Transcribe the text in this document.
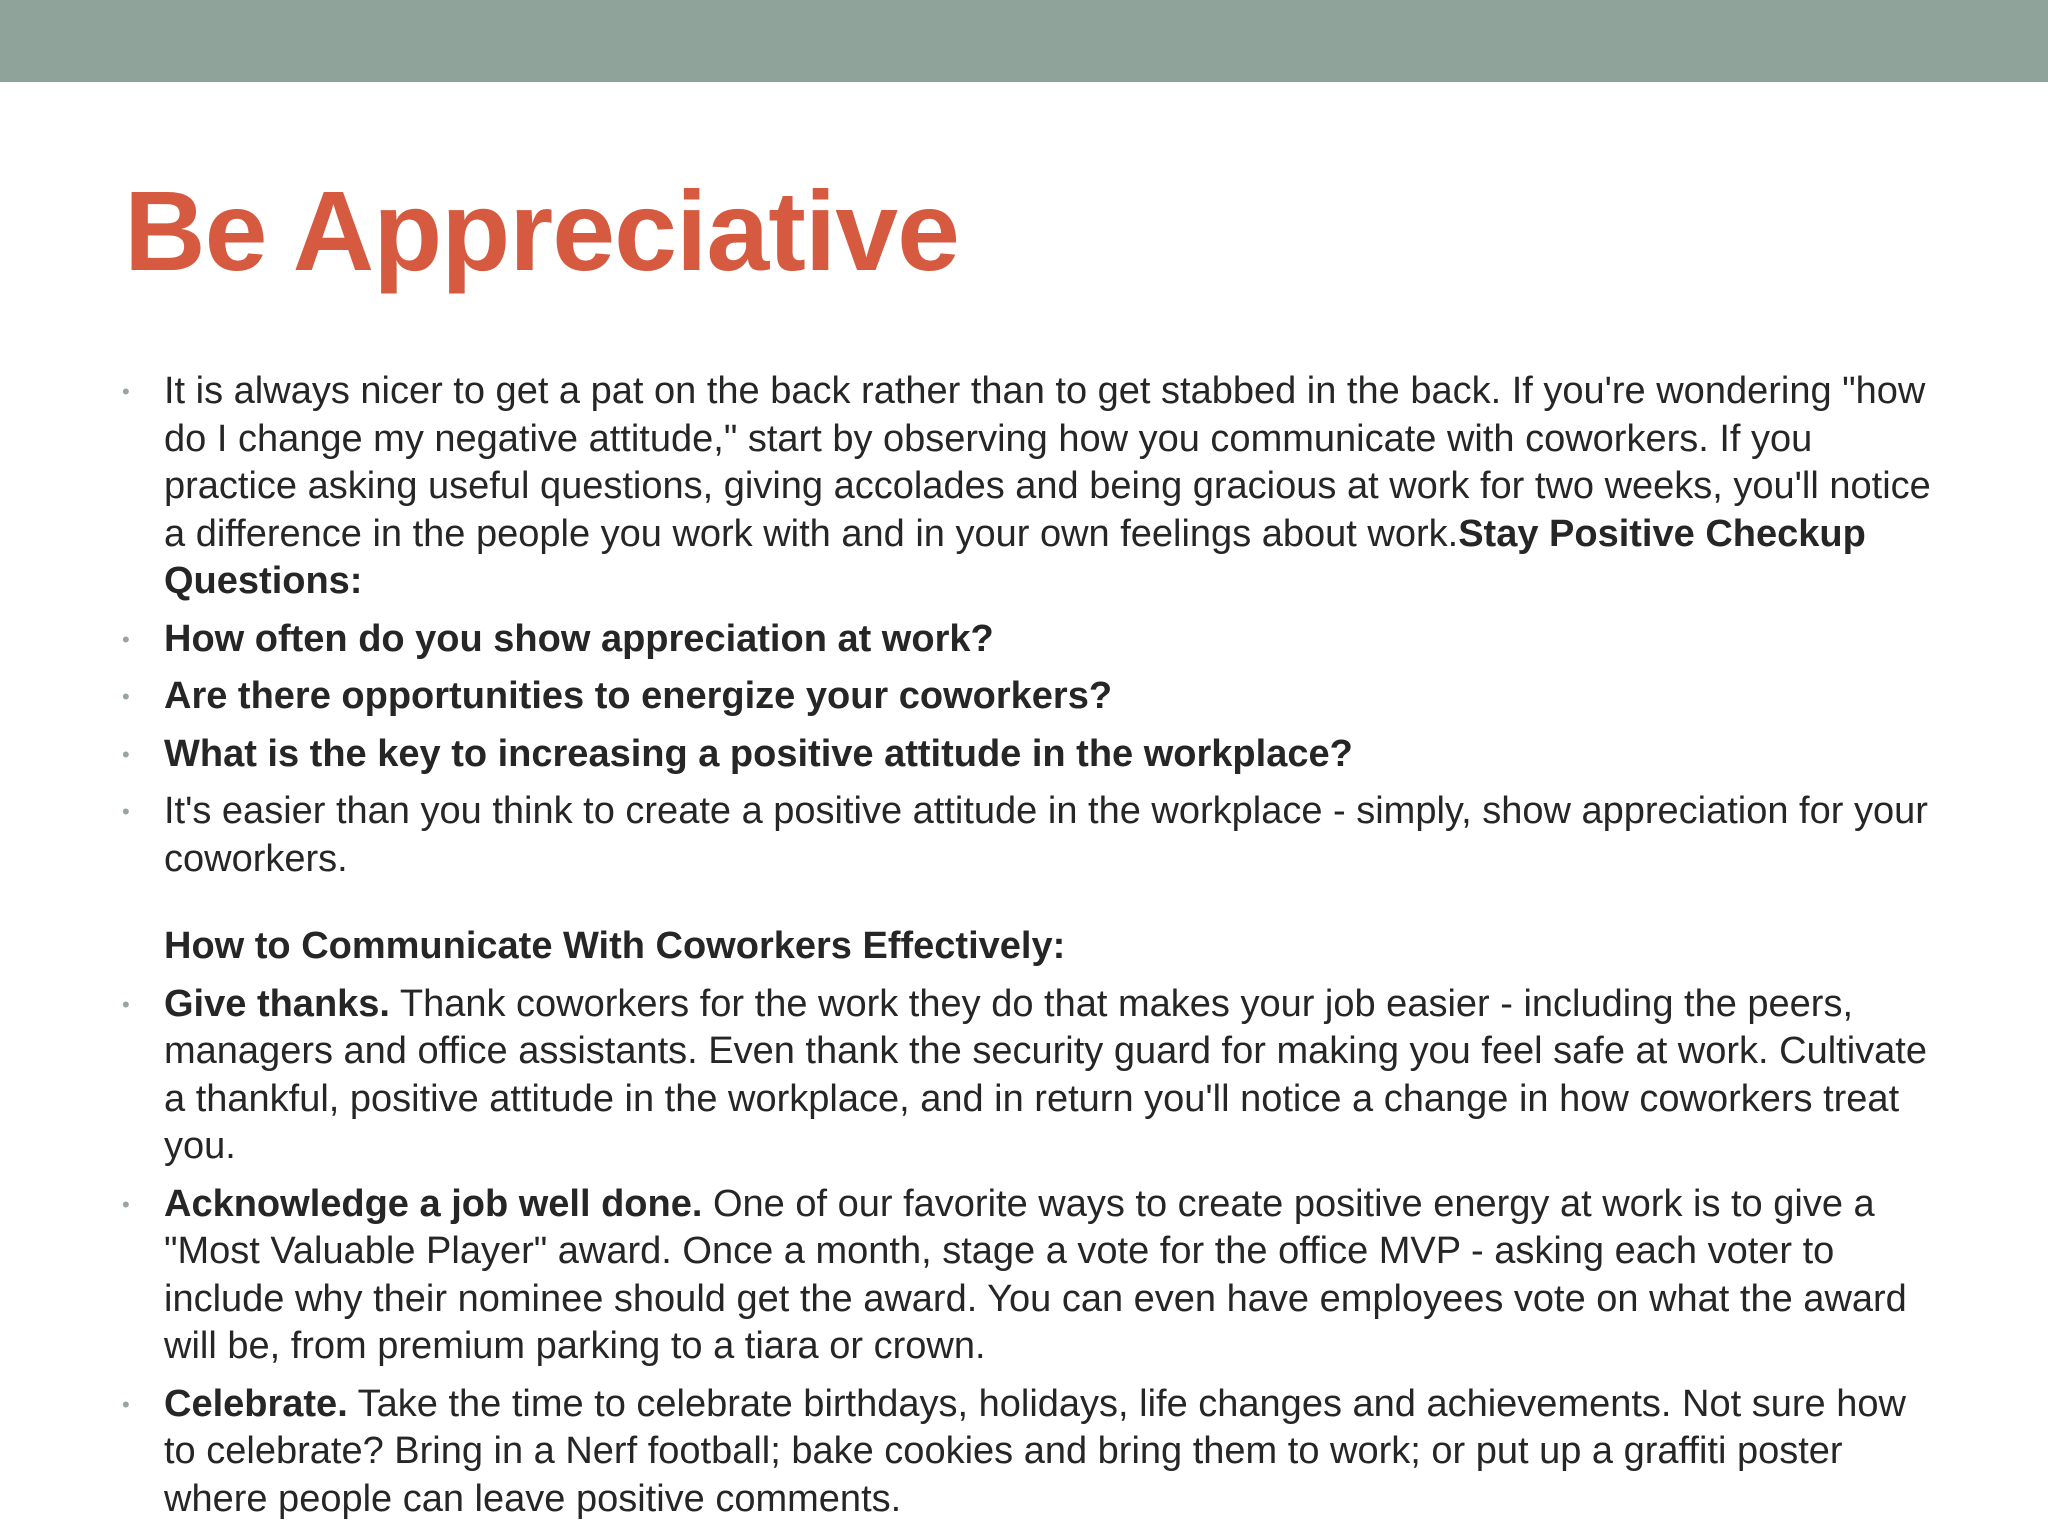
Be Appreciative
• It is always nicer to get a pat on the back rather than to get stabbed in the back. If you're wondering "how do I change my negative attitude," start by observing how you communicate with coworkers. If you practice asking useful questions, giving accolades and being gracious at work for two weeks, you'll notice a difference in the people you work with and in your own feelings about work.Stay Positive Checkup Questions:
• How often do you show appreciation at work?
• Are there opportunities to energize your coworkers?
• What is the key to increasing a positive attitude in the workplace?
• It's easier than you think to create a positive attitude in the workplace - simply, show appreciation for your coworkers.
How to Communicate With Coworkers Effectively:
• Give thanks. Thank coworkers for the work they do that makes your job easier - including the peers, managers and office assistants. Even thank the security guard for making you feel safe at work. Cultivate a thankful, positive attitude in the workplace, and in return you'll notice a change in how coworkers treat you.
• Acknowledge a job well done. One of our favorite ways to create positive energy at work is to give a "Most Valuable Player" award. Once a month, stage a vote for the office MVP - asking each voter to include why their nominee should get the award. You can even have employees vote on what the award will be, from premium parking to a tiara or crown.
• Celebrate. Take the time to celebrate birthdays, holidays, life changes and achievements. Not sure how to celebrate? Bring in a Nerf football; bake cookies and bring them to work; or put up a graffiti poster where people can leave positive comments.
